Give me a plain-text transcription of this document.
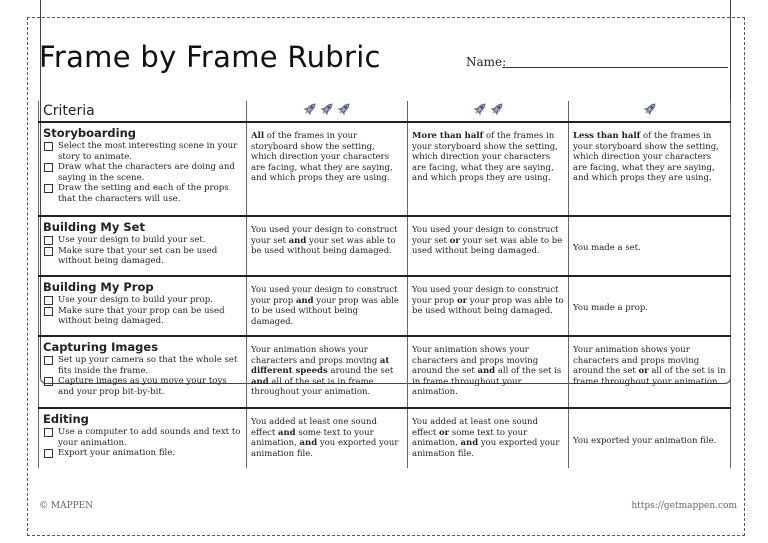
Frame by Frame Rubric	Name:
Criteria	

Storyboarding
Select the most interesting scene in your story to animate.
Draw what the characters are doing and saying in the scene.
Draw the setting and each of the props that the characters will use.	All of the frames in your storyboard show the setting, which direction your characters are facing, what they are saying, and which props they are using.	More than half of the frames in your storyboard show the setting, which direction your characters are facing, what they are saying, and which props they are using.	Less than half of the frames in your storyboard show the setting, which direction your characters are facing, what they are saying, and which props they are using.

Building My Set
Use your design to build your set.
Make sure that your set can be used without being damaged.	You used your design to construct your set and your set was able to be used without being damaged.	You used your design to construct your set or your set was able to be used without being damaged.	You made a set.

Building My Prop
Use your design to build your prop.
Make sure that your prop can be used without being damaged.	You used your design to construct your prop and your prop was able to be used without being damaged.	You used your design to construct your prop or your prop was able to be used without being damaged.	You made a prop.

Capturing Images
Set up your camera so that the whole set fits inside the frame.
Capture images as you move your toys and your prop bit-by-bit.	Your animation shows your characters and props moving at different speeds around the set and all of the set is in frame throughout your animation.	Your animation shows your characters and props moving around the set and all of the set is in frame throughout your animation.	Your animation shows your characters and props moving around the set or all of the set is in frame throughout your animation.

Editing
Use a computer to add sounds and text to your animation.
Export your animation file.	You added at least one sound effect and some text to your animation, and you exported your animation file.	You added at least one sound effect or some text to your animation, and you exported your animation file.	You exported your animation file.
© MAPPEN	https://getmappen.com
